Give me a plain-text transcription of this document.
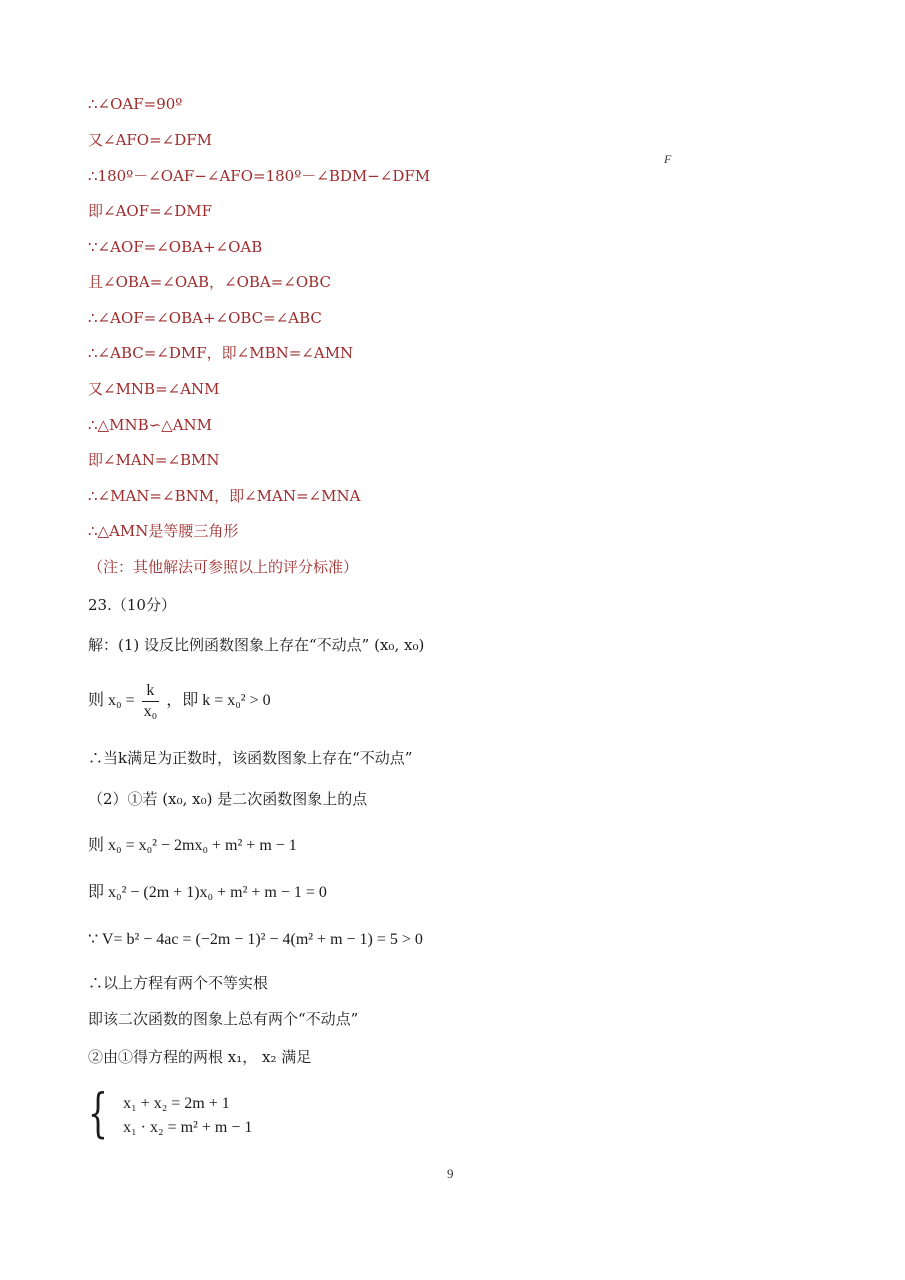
F
∴∠OAF=90º
又∠AFO=∠DFM
∴180º－∠OAF−∠AFO=180º－∠BDM−∠DFM
即∠AOF=∠DMF
∵∠AOF=∠OBA+∠OAB
且∠OBA=∠OAB，∠OBA=∠OBC
∴∠AOF=∠OBA+∠OBC=∠ABC
∴∠ABC=∠DMF，即∠MBN=∠AMN
又∠MNB=∠ANM
∴△MNB∽△ANM
即∠MAN=∠BMN
∴∠MAN=∠BNM，即∠MAN=∠MNA
∴△AMN是等腰三角形
（注：其他解法可参照以上的评分标准）
23.（10分）
解：(1) 设反比例函数图象上存在“不动点” (x₀, x₀)
则 $x_0 = \frac{k}{\text{x₀}}$ ，即 k = x₀² > 0
∴当k满足为正数时，该函数图象上存在“不动点”
（2）①若 (x₀, x₀) 是二次函数图象上的点
则 x₀ = x₀² − 2mx₀ + m² + m − 1
即 x₀² − (2m + 1)x₀ + m² + m − 1 = 0
∵ V= b² − 4ac = (−2m − 1)² − 4(m² + m − 1) = 5 > 0
∴以上方程有两个不等实根
即该二次函数的图象上总有两个“不动点”
②由①得方程的两根 x₁， x₂ 满足
{ x₁ + x₂ = 2m + 1
x₁ · x₂ = m² + m − 1
9
